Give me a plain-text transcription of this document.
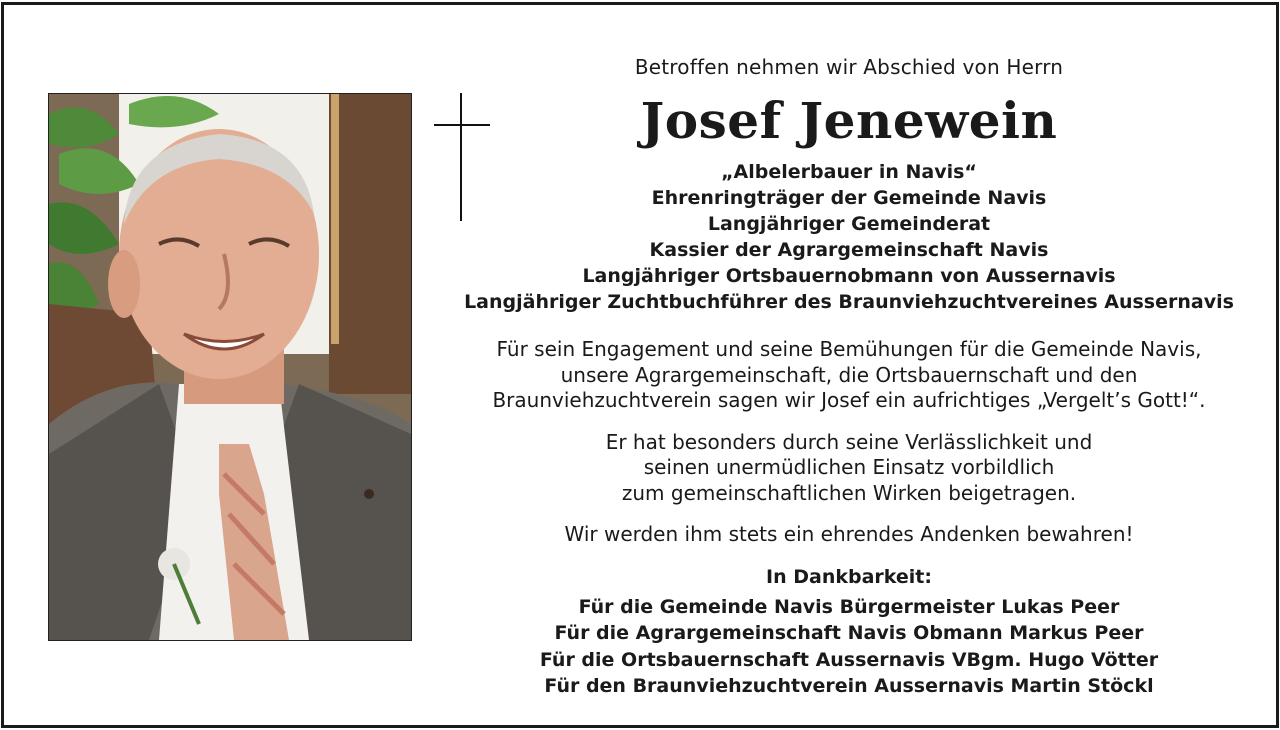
Betroffen nehmen wir Abschied von Herrn

Josef Jenewein
„Albelerbauer in Navis“
Ehrenringträger der Gemeinde Navis
Langjähriger Gemeinderat
Kassier der Agrargemeinschaft Navis
Langjähriger Ortsbauernobmann von Aussernavis
Langjähriger Zuchtbuchführer des Braunviehzuchtvereines Aussernavis
Für sein Engagement und seine Bemühungen für die Gemeinde Navis,
unsere Agrargemeinschaft, die Ortsbauernschaft und den
Braunviehzuchtverein sagen wir Josef ein aufrichtiges „Vergelt’s Gott!“.
Er hat besonders durch seine Verlässlichkeit und
seinen unermüdlichen Einsatz vorbildlich
zum gemeinschaftlichen Wirken beigetragen.

Wir werden ihm stets ein ehrendes Andenken bewahren!

In Dankbarkeit:

Für die Gemeinde Navis Bürgermeister Lukas Peer
Für die Agrargemeinschaft Navis Obmann Markus Peer
Für die Ortsbauernschaft Aussernavis VBgm. Hugo Vötter
Für den Braunviehzuchtverein Aussernavis Martin Stöckl
